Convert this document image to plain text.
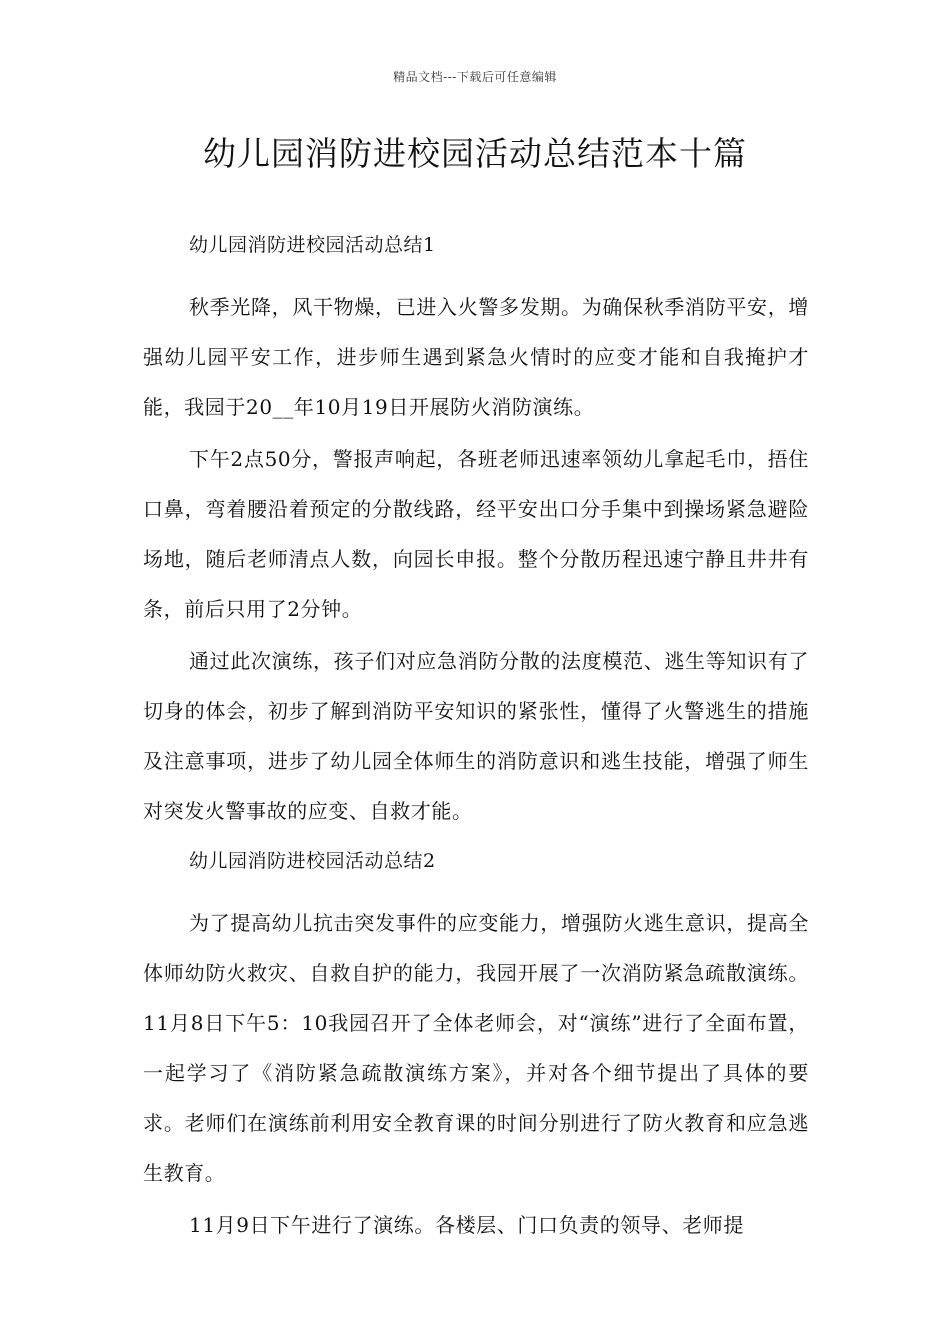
精品文档---下载后可任意编辑
幼儿园消防进校园活动总结范本十篇
幼儿园消防进校园活动总结1

秋季光降，风干物燥，已进入火警多发期。为确保秋季消防平安，增强幼儿园平安工作，进步师生遇到紧急火情时的应变才能和自我掩护才能，我园于20__年10月19日开展防火消防演练。

下午2点50分，警报声响起，各班老师迅速率领幼儿拿起毛巾，捂住口鼻，弯着腰沿着预定的分散线路，经平安出口分手集中到操场紧急避险场地，随后老师清点人数，向园长申报。整个分散历程迅速宁静且井井有条，前后只用了2分钟。

通过此次演练，孩子们对应急消防分散的法度模范、逃生等知识有了切身的体会，初步了解到消防平安知识的紧张性，懂得了火警逃生的措施及注意事项，进步了幼儿园全体师生的消防意识和逃生技能，增强了师生对突发火警事故的应变、自救才能。

幼儿园消防进校园活动总结2

为了提高幼儿抗击突发事件的应变能力，增强防火逃生意识，提高全体师幼防火救灾、自救自护的能力，我园开展了一次消防紧急疏散演练。11月8日下午5：10我园召开了全体老师会，对“演练”进行了全面布置，一起学习了《消防紧急疏散演练方案》，并对各个细节提出了具体的要求。老师们在演练前利用安全教育课的时间分别进行了防火教育和应急逃生教育。

11月9日下午进行了演练。各楼层、门口负责的领导、老师提
